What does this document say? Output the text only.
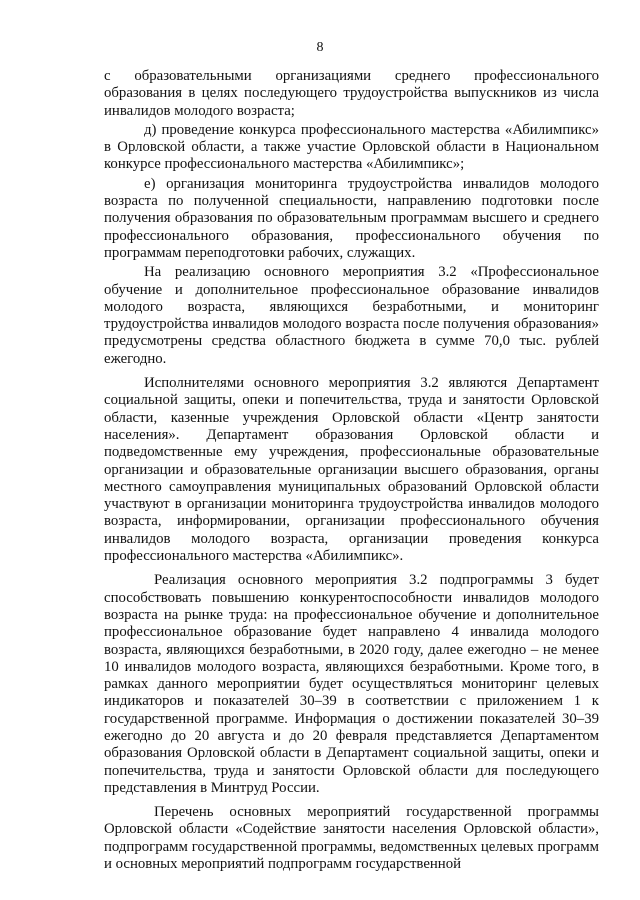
8

с образовательными организациями среднего профессионального образования в целях последующего трудоустройства выпускников из числа инвалидов молодого возраста;

д) проведение конкурса профессионального мастерства «Абилимпикс» в Орловской области, а также участие Орловской области в Национальном конкурсе профессионального мастерства «Абилимпикс»;

е) организация мониторинга трудоустройства инвалидов молодого возраста по полученной специальности, направлению подготовки после получения образования по образовательным программам высшего и среднего профессионального образования, профессионального обучения по программам переподготовки рабочих, служащих.

На реализацию основного мероприятия 3.2 «Профессиональное обучение и дополнительное профессиональное образование инвалидов молодого возраста, являющихся безработными, и мониторинг трудоустройства инвалидов молодого возраста после получения образования» предусмотрены средства областного бюджета в сумме 70,0 тыс. рублей ежегодно.

Исполнителями основного мероприятия 3.2 являются Департамент социальной защиты, опеки и попечительства, труда и занятости Орловской области, казенные учреждения Орловской области «Центр занятости населения». Департамент образования Орловской области и подведомственные ему учреждения, профессиональные образовательные организации и образовательные организации высшего образования, органы местного самоуправления муниципальных образований Орловской области участвуют в организации мониторинга трудоустройства инвалидов молодого возраста, информировании, организации профессионального обучения инвалидов молодого возраста, организации проведения конкурса профессионального мастерства «Абилимпикс».

Реализация основного мероприятия 3.2 подпрограммы 3 будет способствовать повышению конкурентоспособности инвалидов молодого возраста на рынке труда: на профессиональное обучение и дополнительное профессиональное образование будет направлено 4 инвалида молодого возраста, являющихся безработными, в 2020 году, далее ежегодно – не менее 10 инвалидов молодого возраста, являющихся безработными. Кроме того, в рамках данного мероприятии будет осуществляться мониторинг целевых индикаторов и показателей 30–39 в соответствии с приложением 1 к государственной программе. Информация о достижении показателей 30–39 ежегодно до 20 августа и до 20 февраля представляется Департаментом образования Орловской области в Департамент социальной защиты, опеки и попечительства, труда и занятости Орловской области для последующего представления в Минтруд России.

Перечень основных мероприятий государственной программы Орловской области «Содействие занятости населения Орловской области», подпрограмм государственной программы, ведомственных целевых программ и основных мероприятий подпрограмм государственной
